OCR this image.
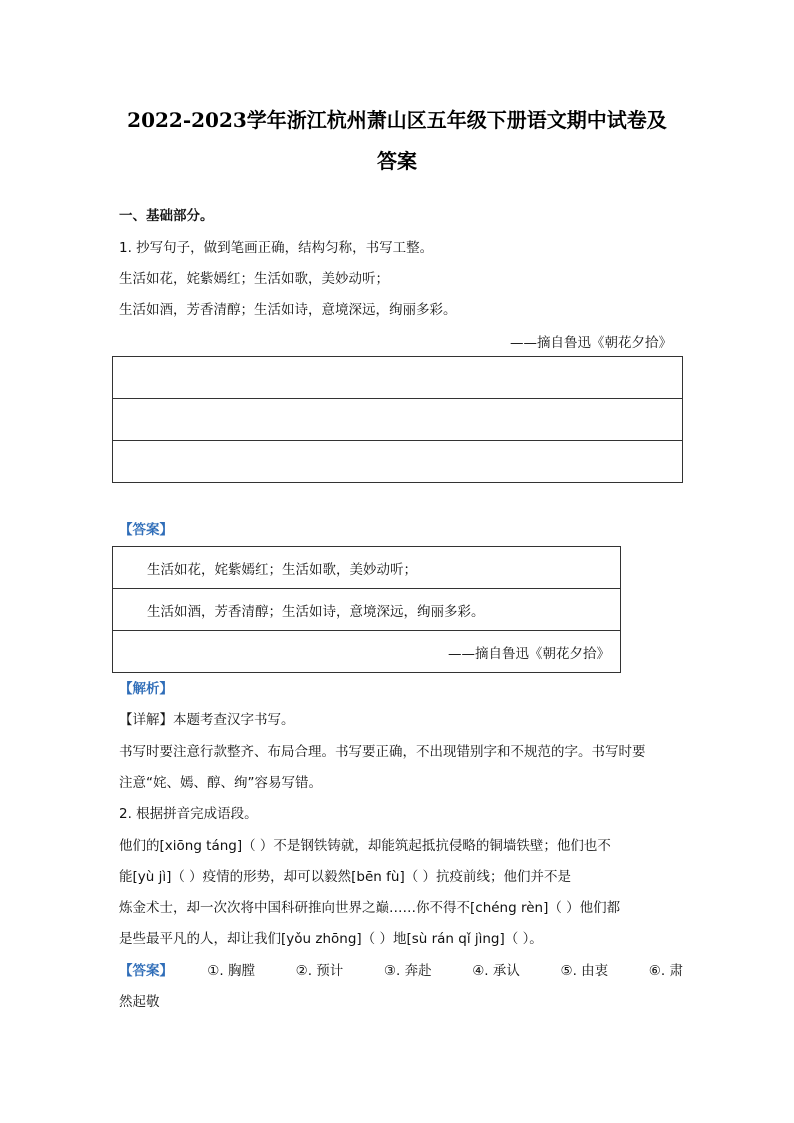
2022-2023学年浙江杭州萧山区五年级下册语文期中试卷及
答案
一、基础部分。
1. 抄写句子，做到笔画正确，结构匀称，书写工整。
生活如花，姹紫嫣红；生活如歌，美妙动听；
生活如酒，芳香清醇；生活如诗，意境深远，绚丽多彩。
——摘自鲁迅《朝花夕拾》

【答案】
生活如花，姹紫嫣红；生活如歌，美妙动听；
生活如酒，芳香清醇；生活如诗，意境深远，绚丽多彩。
——摘自鲁迅《朝花夕拾》
【解析】
【详解】本题考查汉字书写。
书写时要注意行款整齐、布局合理。书写要正确，不出现错别字和不规范的字。书写时要
注意“姹、嫣、醇、绚”容易写错。
2. 根据拼音完成语段。
他们的[xiōng táng]（ ）不是钢铁铸就，却能筑起抵抗侵略的铜墙铁壁；他们也不
能[yù jì]（ ）疫情的形势，却可以毅然[bēn fù]（ ）抗疫前线；他们并不是
炼金术士，却一次次将中国科研推向世界之巅……你不得不[chéng rèn]（ ）他们都
是些最平凡的人，却让我们[yǒu zhōng]（ ）地[sù rán qǐ jìng]（ ）。
【答案】	①. 胸膛	②. 预计	③. 奔赴	④. 承认	⑤. 由衷	⑥. 肃
然起敬
